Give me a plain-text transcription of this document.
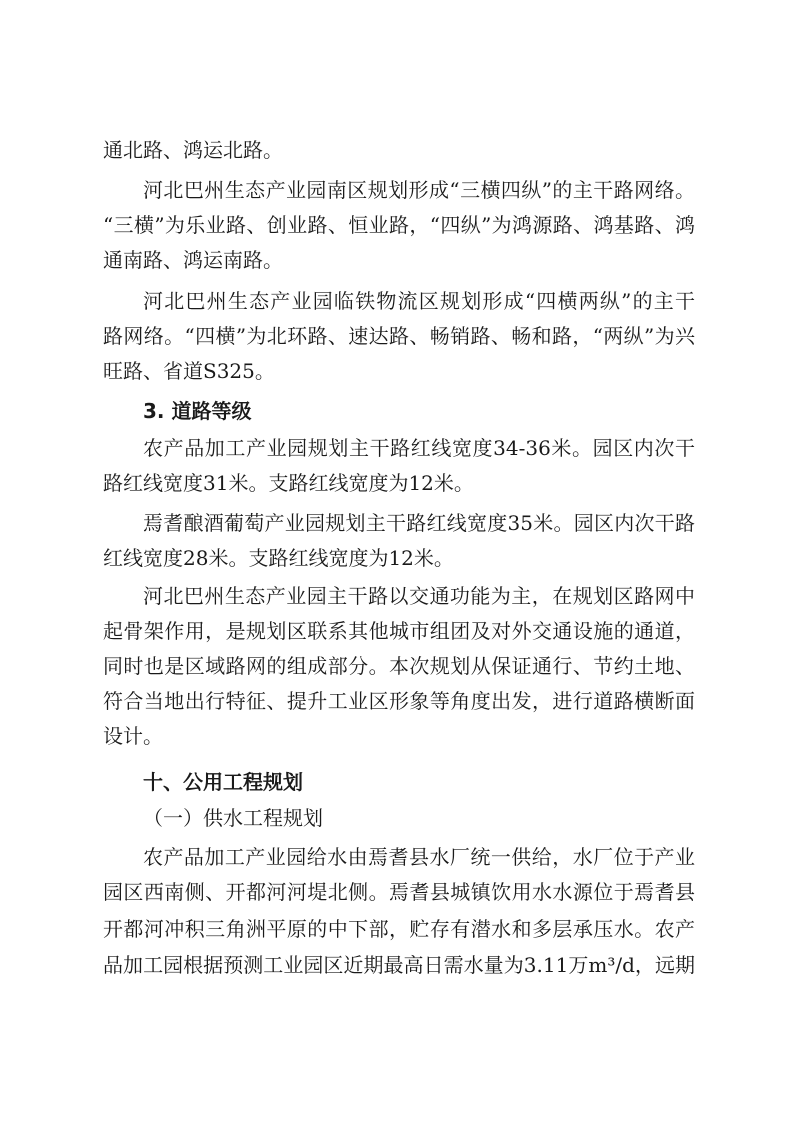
通北路、鸿运北路。
河北巴州生态产业园南区规划形成“三横四纵”的主干路网络。
“三横”为乐业路、创业路、恒业路，“四纵”为鸿源路、鸿基路、鸿
通南路、鸿运南路。
河北巴州生态产业园临铁物流区规划形成“四横两纵”的主干
路网络。“四横”为北环路、速达路、畅销路、畅和路，“两纵”为兴
旺路、省道S325。
3. 道路等级
农产品加工产业园规划主干路红线宽度34-36米。园区内次干
路红线宽度31米。支路红线宽度为12米。
焉耆酿酒葡萄产业园规划主干路红线宽度35米。园区内次干路
红线宽度28米。支路红线宽度为12米。
河北巴州生态产业园主干路以交通功能为主，在规划区路网中
起骨架作用，是规划区联系其他城市组团及对外交通设施的通道，
同时也是区域路网的组成部分。本次规划从保证通行、节约土地、
符合当地出行特征、提升工业区形象等角度出发，进行道路横断面
设计。
十、公用工程规划
（一）供水工程规划
农产品加工产业园给水由焉耆县水厂统一供给，水厂位于产业
园区西南侧、开都河河堤北侧。焉耆县城镇饮用水水源位于焉耆县
开都河冲积三角洲平原的中下部，贮存有潜水和多层承压水。农产
品加工园根据预测工业园区近期最高日需水量为3.11万m³/d，远期
